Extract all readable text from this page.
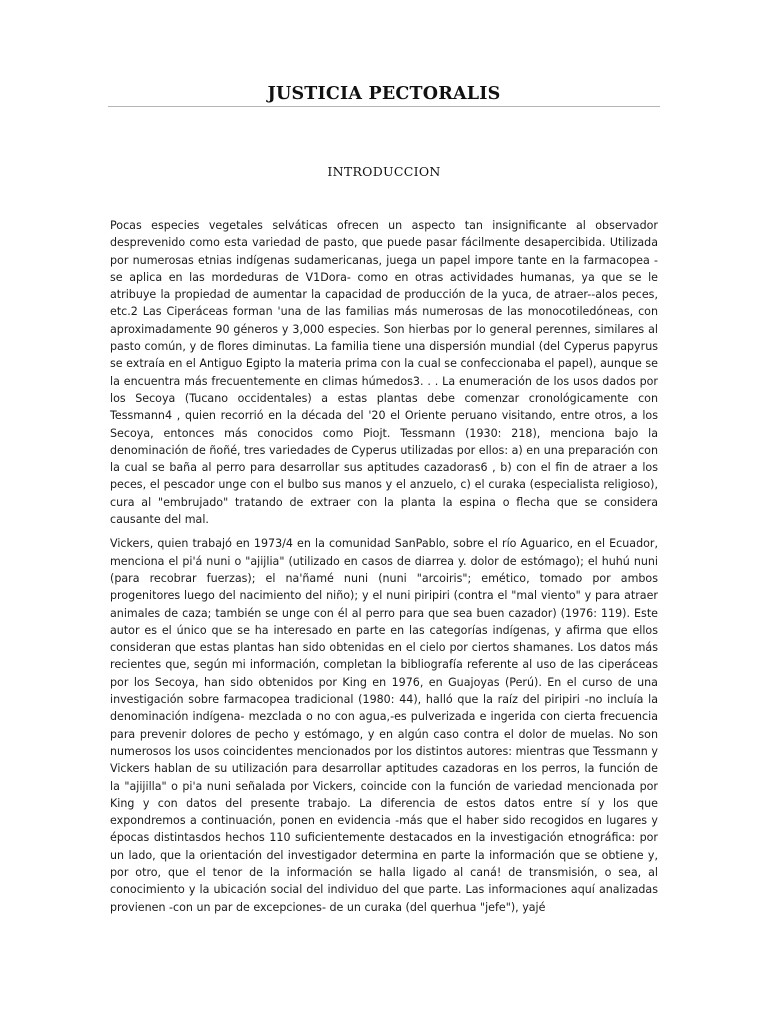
JUSTICIA PECTORALIS
INTRODUCCION

Pocas especies vegetales selváticas ofrecen un aspecto tan insignificante al observador desprevenido como esta variedad de pasto, que puede pasar fácilmente desapercibida. Utilizada por numerosas etnias indígenas sudamericanas, juega un papel impore tante en la farmacopea -se aplica en las mordeduras de V1Dora- como en otras actividades humanas, ya que se le atribuye la propiedad de aumentar la capacidad de producción de la yuca, de atraer--alos peces, etc.2 Las Ciperáceas forman 'una de las familias más numerosas de las monocotiledóneas, con aproximadamente 90 géneros y 3,000 especies. Son hierbas por lo general perennes, similares al pasto común, y de flores diminutas. La familia tiene una dispersión mundial (del Cyperus papyrus se extraía en el Antiguo Egipto la materia prima con la cual se confeccionaba el papel), aunque se la encuentra más frecuentemente en climas húmedos3. . . La enumeración de los usos dados por los Secoya (Tucano occidentales) a estas plantas debe comenzar cronológicamente con Tessmann4 , quien recorrió en la década del '20 el Oriente peruano visitando, entre otros, a los Secoya, entonces más conocidos como Piojt. Tessmann (1930: 218), menciona bajo la denominación de ñoñé, tres variedades de Cyperus utilizadas por ellos: a) en una preparación con la cual se baña al perro para desarrollar sus aptitudes cazadoras6 , b) con el fin de atraer a los peces, el pescador unge con el bulbo sus manos y el anzuelo, c) el curaka (especialista religioso), cura al "embrujado" tratando de extraer con la planta la espina o flecha que se considera causante del mal.

Vickers, quien trabajó en 1973/4 en la comunidad SanPablo, sobre el río Aguarico, en el Ecuador, menciona el pi'á nuni o "ajijlia" (utilizado en casos de diarrea y. dolor de estómago); el huhú nuni (para recobrar fuerzas); el na'ñamé nuni (nuni "arcoiris"; emético, tomado por ambos progenitores luego del nacimiento del niño); y el nuni piripiri (contra el "mal viento" y para atraer animales de caza; también se unge con él al perro para que sea buen cazador) (1976: 119). Este autor es el único que se ha interesado en parte en las categorías indígenas, y afirma que ellos consideran que estas plantas han sido obtenidas en el cielo por ciertos shamanes. Los datos más recientes que, según mi información, completan la bibliografía referente al uso de las ciperáceas por los Secoya, han sido obtenidos por King en 1976, en Guajoyas (Perú). En el curso de una investigación sobre farmacopea tradicional (1980: 44), halló que la raíz del piripiri -no incluía la denominación indígena- mezclada o no con agua,-es pulverizada e ingerida con cierta frecuencia para prevenir dolores de pecho y estómago, y en algún caso contra el dolor de muelas. No son numerosos los usos coincidentes mencionados por los distintos autores: mientras que Tessmann y Vickers hablan de su utilización para desarrollar aptitudes cazadoras en los perros, la función de la "ajijilla" o pi'a nuni señalada por Vickers, coincide con la función de variedad mencionada por King y con datos del presente trabajo. La diferencia de estos datos entre sí y los que expondremos a continuación, ponen en evidencia -más que el haber sido recogidos en lugares y épocas distintasdos hechos 110 suficientemente destacados en la investigación etnográfica: por un lado, que la orientación del investigador determina en parte la información que se obtiene y, por otro, que el tenor de la información se halla ligado al caná! de transmisión, o sea, al conocimiento y la ubicación social del individuo del que parte. Las informaciones aquí analizadas provienen -con un par de excepciones- de un curaka (del querhua "jefe"), yajé
